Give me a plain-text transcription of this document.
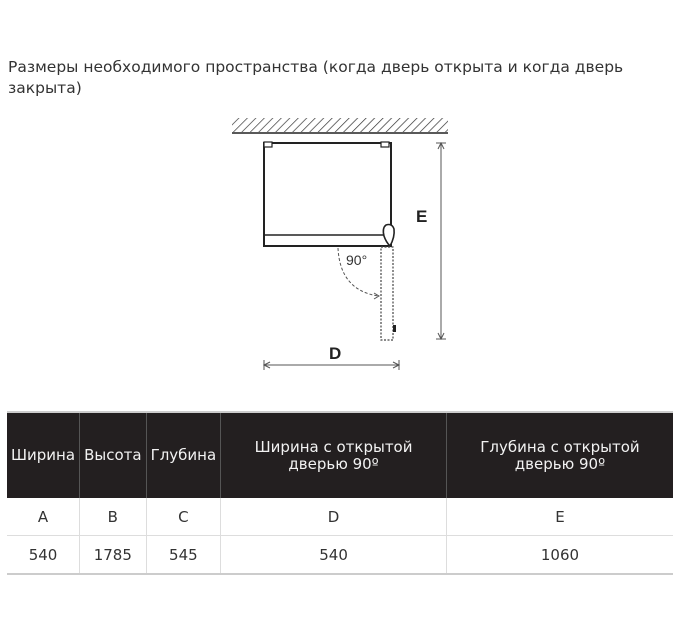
Размеры необходимого пространства (когда дверь открыта и когда дверь закрыта)
90°
E
D
Ширина	Высота	Глубина	Ширина с открытой дверью 90º	Глубина с открытой дверью 90º
A	B	C	D	E
540	1785	545	540	1060
